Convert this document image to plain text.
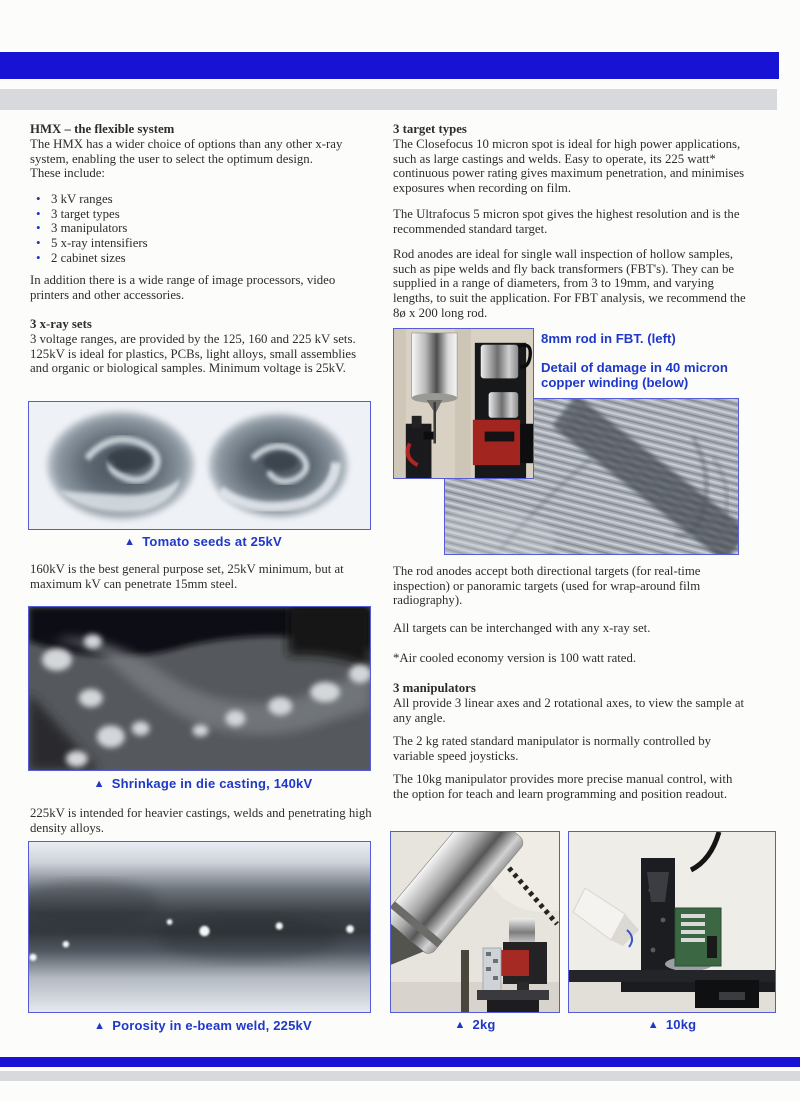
HMX – the flexible system

The HMX has a wider choice of options than any other x-ray system, enabling the user to select the optimum design.

These include:

• 3 kV ranges
• 3 target types
• 3 manipulators
• 5 x-ray intensifiers
• 2 cabinet sizes
In addition there is a wide range of image processors, video printers and other accessories.
3 x-ray sets
3 voltage ranges, are provided by the 125, 160 and 225 kV sets. 125kV is ideal for plastics, PCBs, light alloys, small assemblies and organic or biological samples. Minimum voltage is 25kV.
▲ Tomato seeds at 25kV
160kV is the best general purpose set, 25kV minimum, but at maximum kV can penetrate 15mm steel.
▲ Shrinkage in die casting, 140kV
225kV is intended for heavier castings, welds and penetrating high density alloys.
▲ Porosity in e-beam weld, 225kV
3 target types
The Closefocus 10 micron spot is ideal for high power applications, such as large castings and welds. Easy to operate, its 225 watt* continuous power rating gives maximum penetration, and minimises exposures when recording on film.
The Ultrafocus 5 micron spot gives the highest resolution and is the recommended standard target.
Rod anodes are ideal for single wall inspection of hollow samples, such as pipe welds and fly back transformers (FBT's). They can be supplied in a range of diameters, from 3 to 19mm, and varying lengths, to suit the application. For FBT analysis, we recommend the 8ø x 200 long rod.

8mm rod in FBT. (left)

Detail of damage in 40 micron copper winding (below)

The rod anodes accept both directional targets (for real-time inspection) or panoramic targets (used for wrap-around film radiography).
All targets can be interchanged with any x-ray set.
*Air cooled economy version is 100 watt rated.
3 manipulators
All provide 3 linear axes and 2 rotational axes, to view the sample at any angle.
The 2 kg rated standard manipulator is normally controlled by variable speed joysticks.
The 10kg manipulator provides more precise manual control, with the option for teach and learn programming and position readout.
▲ 2kg	▲ 10kg
